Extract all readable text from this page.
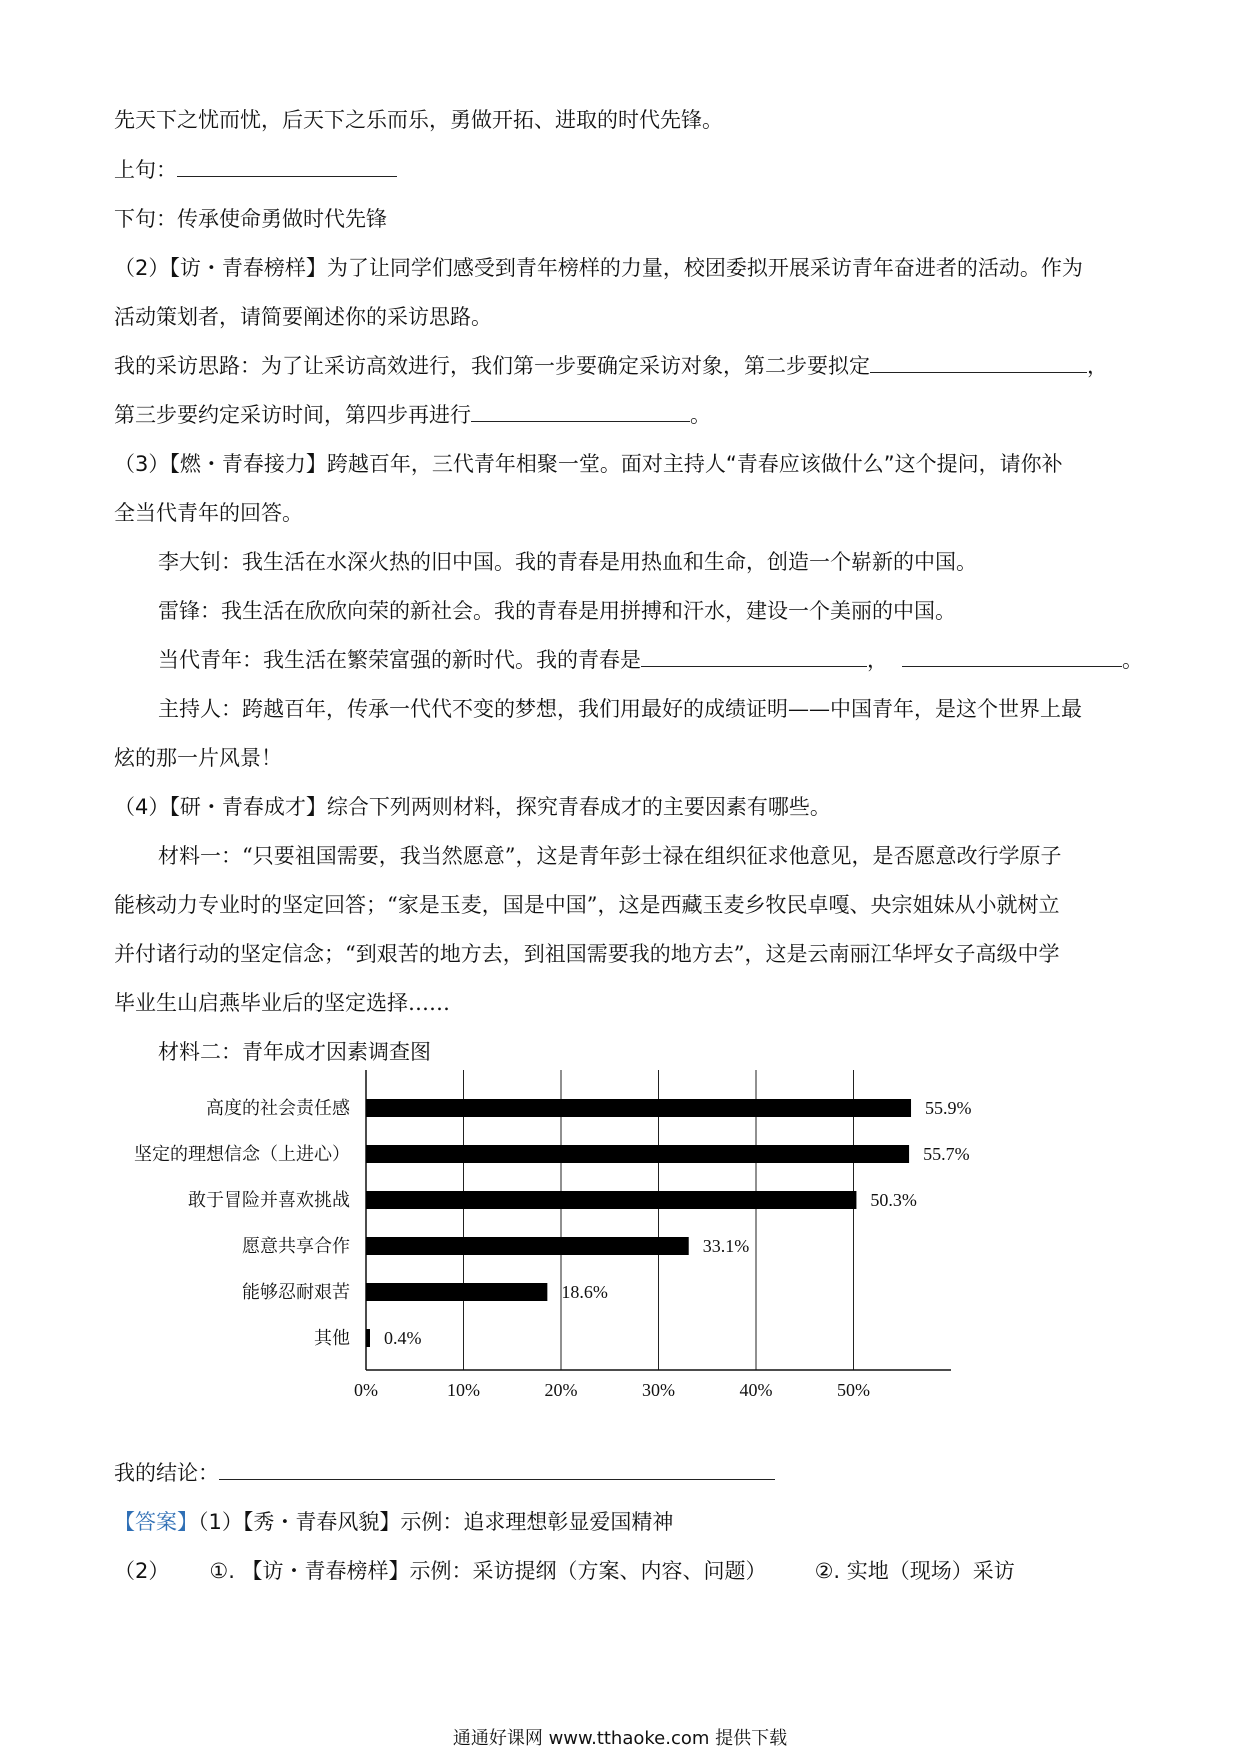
先天下之忧而忧，后天下之乐而乐，勇做开拓、进取的时代先锋。
上句：
下句：传承使命勇做时代先锋
（2）【访・青春榜样】为了让同学们感受到青年榜样的力量，校团委拟开展采访青年奋进者的活动。作为
活动策划者，请简要阐述你的采访思路。
我的采访思路：为了让采访高效进行，我们第一步要确定采访对象，第二步要拟定	，
第三步要约定采访时间，第四步再进行	。
（3）【燃・青春接力】跨越百年，三代青年相聚一堂。面对主持人“青春应该做什么”这个提问，请你补
全当代青年的回答。
李大钊：我生活在水深火热的旧中国。我的青春是用热血和生命，创造一个崭新的中国。
雷锋：我生活在欣欣向荣的新社会。我的青春是用拼搏和汗水，建设一个美丽的中国。
当代青年：我生活在繁荣富强的新时代。我的青春是	，	。
主持人：跨越百年，传承一代代不变的梦想，我们用最好的成绩证明——中国青年，是这个世界上最
炫的那一片风景！
（4）【研・青春成才】综合下列两则材料，探究青春成才的主要因素有哪些。
材料一：“只要祖国需要，我当然愿意”，这是青年彭士禄在组织征求他意见，是否愿意改行学原子
能核动力专业时的坚定回答；“家是玉麦，国是中国”，这是西藏玉麦乡牧民卓嘎、央宗姐妹从小就树立
并付诸行动的坚定信念；“到艰苦的地方去，到祖国需要我的地方去”，这是云南丽江华坪女子高级中学
毕业生山启燕毕业后的坚定选择……
材料二：青年成才因素调查图
0%	10%	20%	30%	40%	50%
高度的社会责任感	55.9%
坚定的理想信念（上进心）	55.7%
敢于冒险并喜欢挑战	50.3%
愿意共享合作	33.1%
能够忍耐艰苦	18.6%
其他 0.4%
我的结论：
【答案】（1）【秀・青春风貌】示例：追求理想彰显爱国精神
（2） ①. 【访・青春榜样】示例：采访提纲（方案、内容、问题） ②. 实地（现场）采访
通通好课网 www.tthaoke.com 提供下载
